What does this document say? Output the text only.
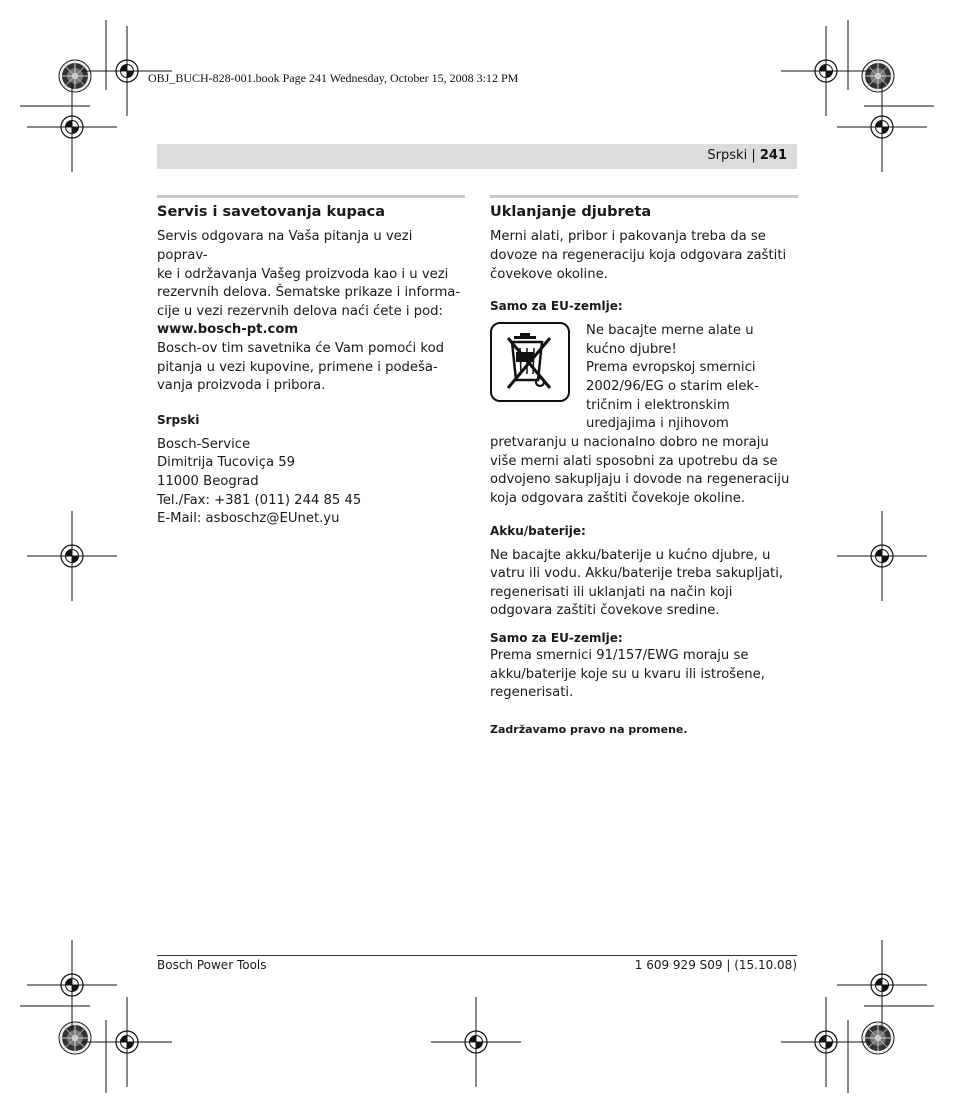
OBJ_BUCH-828-001.book Page 241 Wednesday, October 15, 2008 3:12 PM
Srpski | 241
Servis i savetovanja kupaca

Servis odgovara na Vaša pitanja u vezi poprav-

ke i održavanja Vašeg proizvoda kao i u vezi

rezervnih delova. Šematske prikaze i informa-

cije u vezi rezervnih delova naći ćete i pod:

www.bosch-pt.com

Bosch-ov tim savetnika će Vam pomoći kod

pitanja u vezi kupovine, primene i podeša-

vanja proizvoda i pribora.

Srpski

Bosch-Service

Dimitrija Tucoviça 59

11000 Beograd

Tel./Fax: +381 (011) 244 85 45

E-Mail: asboschz@EUnet.yu

Uklanjanje djubreta

Merni alati, pribor i pakovanja treba da se

dovoze na regeneraciju koja odgovara zaštiti

čovekove okoline.

Samo za EU-zemlje:

Ne bacajte merne alate u

kućno djubre!

Prema evropskoj smernici

2002/96/EG o starim elek-

tričnim i elektronskim

uredjajima i njihovom

pretvaranju u nacionalno dobro ne moraju

više merni alati sposobni za upotrebu da se

odvojeno sakupljaju i dovode na regeneraciju

koja odgovara zaštiti čovekoje okoline.

Akku/baterije:

Ne bacajte akku/baterije u kućno djubre, u

vatru ili vodu. Akku/baterije treba sakupljati,

regenerisati ili uklanjati na način koji

odgovara zaštiti čovekove sredine.

Samo za EU-zemlje:

Prema smernici 91/157/EWG moraju se

akku/baterije koje su u kvaru ili istrošene,

regenerisati.

Zadržavamo pravo na promene.

Bosch Power Tools	1 609 929 S09 | (15.10.08)
